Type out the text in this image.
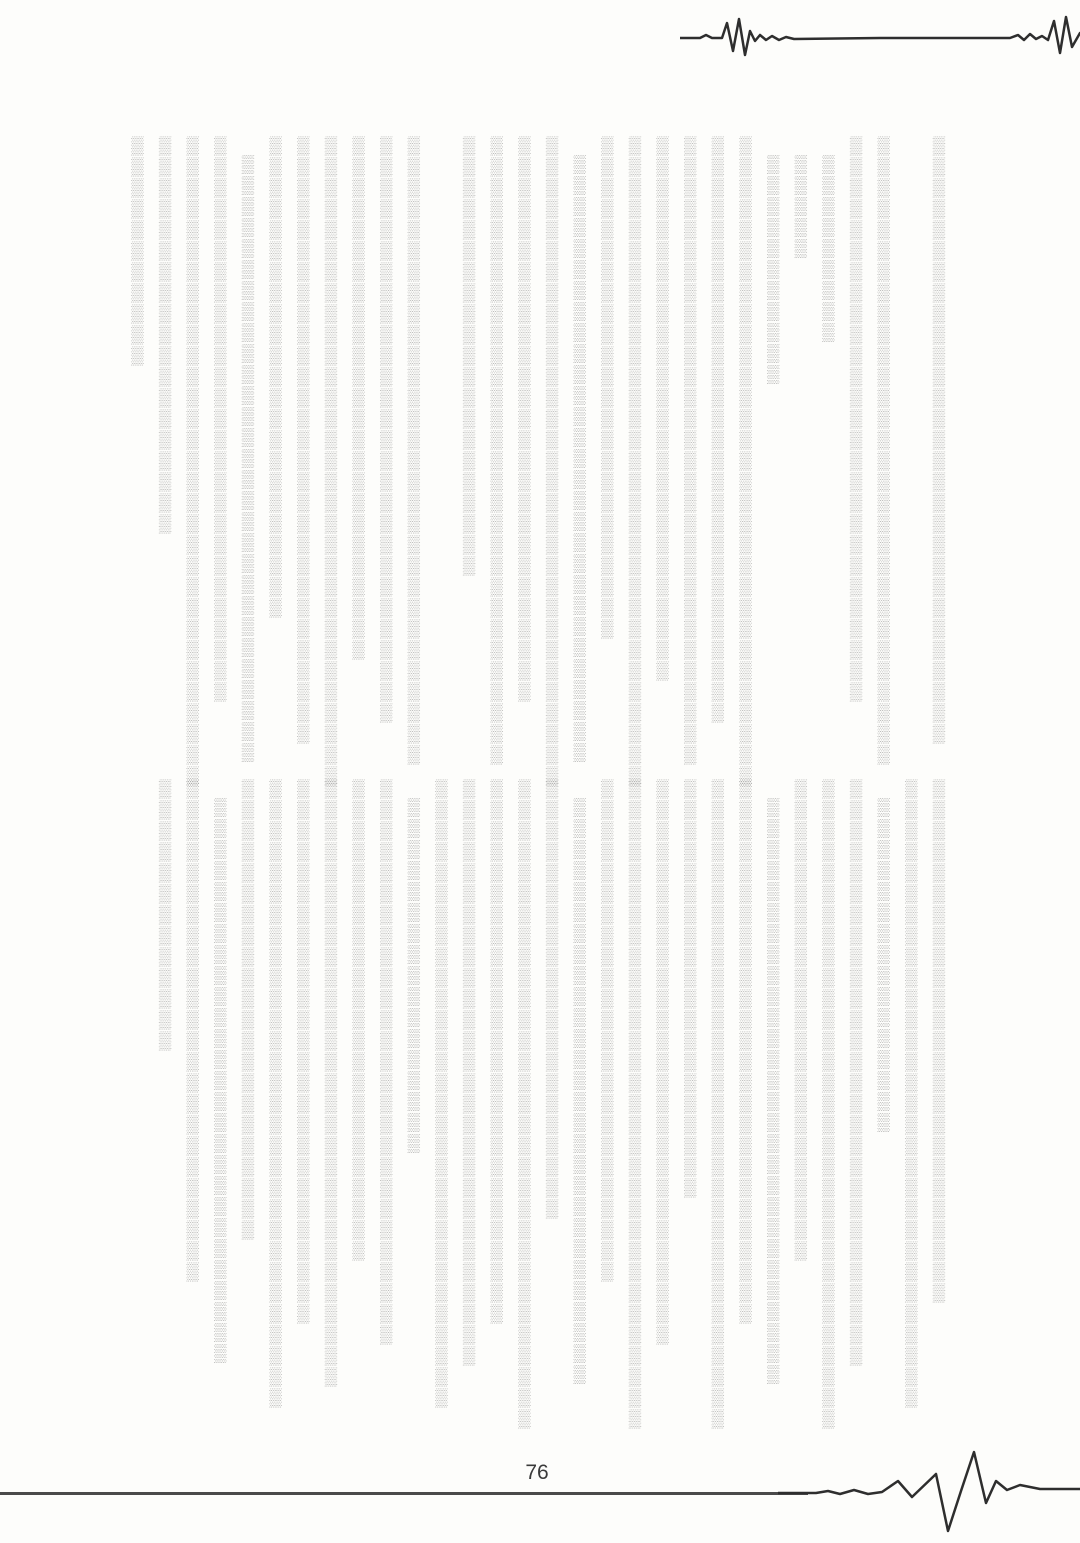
▒▒▒▒▒▒▒▒▒▒▒▒▒▒▒▒▒▒▒▒▒▒▒▒▒▒▒▒▒

　▒▒▒▒▒▒▒▒▒▒▒▒▒▒▒▒▒▒▒▒▒▒▒▒▒▒▒▒▒▒

▒▒▒▒▒▒▒▒▒▒▒▒▒▒▒▒▒▒▒▒▒▒▒▒▒▒▒

　▒▒▒▒▒▒▒▒▒

　▒▒▒▒▒

　▒▒▒▒▒▒▒▒▒▒▒

▒▒▒▒▒▒▒▒▒▒▒▒▒▒▒▒▒▒▒▒▒▒▒▒▒▒▒▒▒▒▒

▒▒▒▒▒▒▒▒▒▒▒▒▒▒▒▒▒▒▒▒▒▒▒▒▒▒▒▒

▒▒▒▒▒▒▒▒▒▒▒▒▒▒▒▒▒▒▒▒▒▒▒▒▒▒▒▒▒▒

▒▒▒▒▒▒▒▒▒▒▒▒▒▒▒▒▒▒▒▒▒▒▒▒▒▒

▒▒▒▒▒▒▒▒▒▒▒▒▒▒▒▒▒▒▒▒▒▒▒▒▒▒▒▒▒▒▒

▒▒▒▒▒▒▒▒▒▒▒▒▒▒▒▒▒▒▒▒▒▒▒▒

　▒▒▒▒▒▒▒▒▒▒▒▒▒▒▒▒▒▒▒▒▒▒▒▒▒▒▒▒▒

▒▒▒▒▒▒▒▒▒▒▒▒▒▒▒▒▒▒▒▒▒▒▒▒▒▒▒▒▒▒▒

▒▒▒▒▒▒▒▒▒▒▒▒▒▒▒▒▒▒▒▒▒▒▒▒▒▒▒

▒▒▒▒▒▒▒▒▒▒▒▒▒▒▒▒▒▒▒▒▒▒▒▒▒▒▒▒▒▒

▒▒▒▒▒▒▒▒▒▒▒▒▒▒▒▒▒▒▒▒▒

　▒▒▒▒▒▒▒▒▒▒▒▒▒▒▒▒▒▒▒▒▒▒▒▒▒▒▒▒▒▒

▒▒▒▒▒▒▒▒▒▒▒▒▒▒▒▒▒▒▒▒▒▒▒▒▒▒▒▒

▒▒▒▒▒▒▒▒▒▒▒▒▒▒▒▒▒▒▒▒▒▒▒▒▒

▒▒▒▒▒▒▒▒▒▒▒▒▒▒▒▒▒▒▒▒▒▒▒▒▒▒▒▒▒▒▒

▒▒▒▒▒▒▒▒▒▒▒▒▒▒▒▒▒▒▒▒▒▒▒▒▒▒▒▒▒

▒▒▒▒▒▒▒▒▒▒▒▒▒▒▒▒▒▒▒▒▒▒▒

　▒▒▒▒▒▒▒▒▒▒▒▒▒▒▒▒▒▒▒▒▒▒▒▒▒▒▒▒▒

▒▒▒▒▒▒▒▒▒▒▒▒▒▒▒▒▒▒▒▒▒▒▒▒▒▒▒

▒▒▒▒▒▒▒▒▒▒▒▒▒▒▒▒▒▒▒▒▒▒▒▒▒▒▒▒▒▒▒

▒▒▒▒▒▒▒▒▒▒▒▒▒▒▒▒▒▒▒

▒▒▒▒▒▒▒▒▒▒▒

▒▒▒▒▒▒▒▒▒▒▒▒▒▒▒▒▒▒▒▒▒▒▒▒▒

▒▒▒▒▒▒▒▒▒▒▒▒▒▒▒▒▒▒▒▒▒▒▒▒▒▒▒▒▒▒

　▒▒▒▒▒▒▒▒▒▒▒▒▒▒▒▒

▒▒▒▒▒▒▒▒▒▒▒▒▒▒▒▒▒▒▒▒▒▒▒▒▒▒▒▒

▒▒▒▒▒▒▒▒▒▒▒▒▒▒▒▒▒▒▒▒▒▒▒▒▒▒▒▒▒▒▒

▒▒▒▒▒▒▒▒▒▒▒▒▒▒▒▒▒▒▒▒▒▒▒

　▒▒▒▒▒▒▒▒▒▒▒▒▒▒▒▒▒▒▒▒▒▒▒▒▒▒▒▒

▒▒▒▒▒▒▒▒▒▒▒▒▒▒▒▒▒▒▒▒▒▒▒▒▒▒

▒▒▒▒▒▒▒▒▒▒▒▒▒▒▒▒▒▒▒▒▒▒▒▒▒▒▒▒▒▒▒

▒▒▒▒▒▒▒▒▒▒▒▒▒▒▒▒▒▒▒▒

▒▒▒▒▒▒▒▒▒▒▒▒▒▒▒▒▒▒▒▒▒▒▒▒▒▒▒

▒▒▒▒▒▒▒▒▒▒▒▒▒▒▒▒▒▒▒▒▒▒▒▒▒▒▒▒▒▒▒

▒▒▒▒▒▒▒▒▒▒▒▒▒▒▒▒▒▒▒▒▒▒▒▒

　▒▒▒▒▒▒▒▒▒▒▒▒▒▒▒▒▒▒▒▒▒▒▒▒▒▒▒▒

▒▒▒▒▒▒▒▒▒▒▒▒▒▒▒▒▒▒▒▒▒

▒▒▒▒▒▒▒▒▒▒▒▒▒▒▒▒▒▒▒▒▒▒▒▒▒▒▒▒▒▒▒

▒▒▒▒▒▒▒▒▒▒▒▒▒▒▒▒▒▒▒▒▒▒▒▒▒▒

▒▒▒▒▒▒▒▒▒▒▒▒▒▒▒▒▒▒▒▒▒▒▒▒▒▒▒▒

▒▒▒▒▒▒▒▒▒▒▒▒▒▒▒▒▒▒▒▒▒▒▒▒▒▒▒▒▒▒

　▒▒▒▒▒▒▒▒▒▒▒▒▒▒▒▒▒

▒▒▒▒▒▒▒▒▒▒▒▒▒▒▒▒▒▒▒▒▒▒▒▒▒▒▒

▒▒▒▒▒▒▒▒▒▒▒▒▒▒▒▒▒▒▒▒▒▒▒

▒▒▒▒▒▒▒▒▒▒▒▒▒▒▒▒▒▒▒▒▒▒▒▒▒▒▒▒▒

▒▒▒▒▒▒▒▒▒▒▒▒▒▒▒▒▒▒▒▒▒▒▒▒▒▒

▒▒▒▒▒▒▒▒▒▒▒▒▒▒▒▒▒▒▒▒▒▒▒▒▒▒▒▒▒▒

▒▒▒▒▒▒▒▒▒▒▒▒▒▒▒▒▒▒▒▒▒▒

　▒▒▒▒▒▒▒▒▒▒▒▒▒▒▒▒▒▒▒▒▒▒▒▒▒▒▒

▒▒▒▒▒▒▒▒▒▒▒▒▒▒▒▒▒▒▒▒▒▒▒▒

▒▒▒▒▒▒▒▒▒▒▒▒▒

76
